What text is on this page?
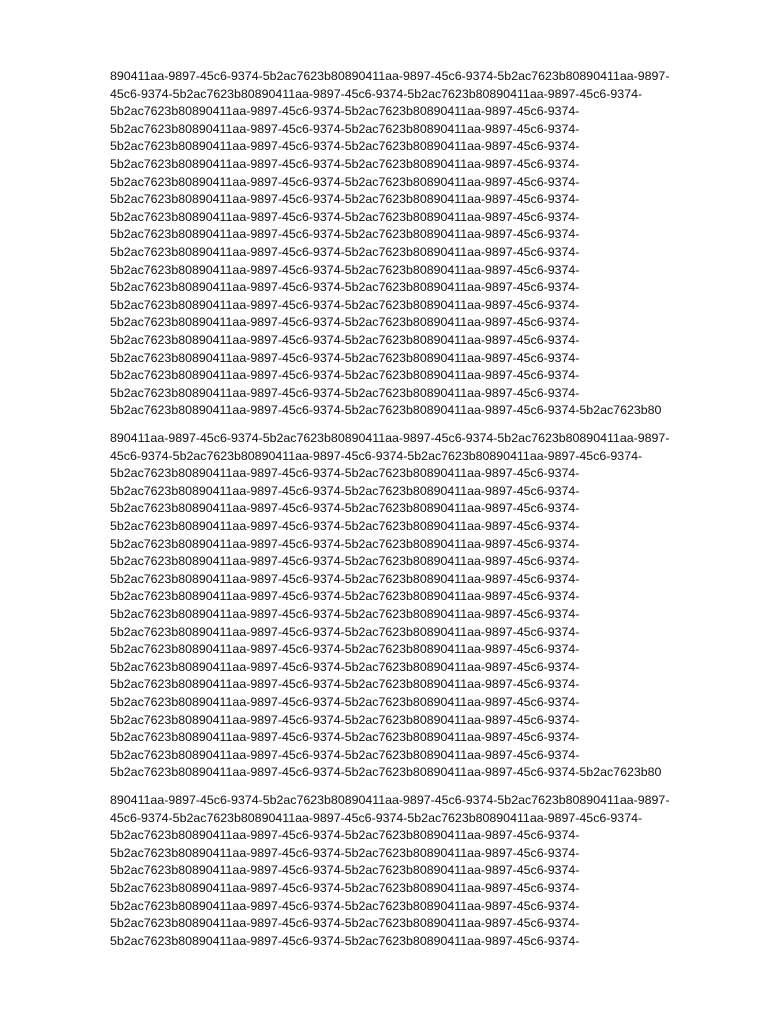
890411aa-9897-45c6-9374-5b2ac7623b80890411aa-9897-45c6-9374-5b2ac7623b80890411aa-9897-
45c6-9374-5b2ac7623b80890411aa-9897-45c6-9374-5b2ac7623b80890411aa-9897-45c6-9374-
5b2ac7623b80890411aa-9897-45c6-9374-5b2ac7623b80890411aa-9897-45c6-9374-
5b2ac7623b80890411aa-9897-45c6-9374-5b2ac7623b80890411aa-9897-45c6-9374-
5b2ac7623b80890411aa-9897-45c6-9374-5b2ac7623b80890411aa-9897-45c6-9374-
5b2ac7623b80890411aa-9897-45c6-9374-5b2ac7623b80890411aa-9897-45c6-9374-
5b2ac7623b80890411aa-9897-45c6-9374-5b2ac7623b80890411aa-9897-45c6-9374-
5b2ac7623b80890411aa-9897-45c6-9374-5b2ac7623b80890411aa-9897-45c6-9374-
5b2ac7623b80890411aa-9897-45c6-9374-5b2ac7623b80890411aa-9897-45c6-9374-
5b2ac7623b80890411aa-9897-45c6-9374-5b2ac7623b80890411aa-9897-45c6-9374-
5b2ac7623b80890411aa-9897-45c6-9374-5b2ac7623b80890411aa-9897-45c6-9374-
5b2ac7623b80890411aa-9897-45c6-9374-5b2ac7623b80890411aa-9897-45c6-9374-
5b2ac7623b80890411aa-9897-45c6-9374-5b2ac7623b80890411aa-9897-45c6-9374-
5b2ac7623b80890411aa-9897-45c6-9374-5b2ac7623b80890411aa-9897-45c6-9374-
5b2ac7623b80890411aa-9897-45c6-9374-5b2ac7623b80890411aa-9897-45c6-9374-
5b2ac7623b80890411aa-9897-45c6-9374-5b2ac7623b80890411aa-9897-45c6-9374-
5b2ac7623b80890411aa-9897-45c6-9374-5b2ac7623b80890411aa-9897-45c6-9374-
5b2ac7623b80890411aa-9897-45c6-9374-5b2ac7623b80890411aa-9897-45c6-9374-
5b2ac7623b80890411aa-9897-45c6-9374-5b2ac7623b80890411aa-9897-45c6-9374-
5b2ac7623b80890411aa-9897-45c6-9374-5b2ac7623b80890411aa-9897-45c6-9374-5b2ac7623b80

890411aa-9897-45c6-9374-5b2ac7623b80890411aa-9897-45c6-9374-5b2ac7623b80890411aa-9897-
45c6-9374-5b2ac7623b80890411aa-9897-45c6-9374-5b2ac7623b80890411aa-9897-45c6-9374-
5b2ac7623b80890411aa-9897-45c6-9374-5b2ac7623b80890411aa-9897-45c6-9374-
5b2ac7623b80890411aa-9897-45c6-9374-5b2ac7623b80890411aa-9897-45c6-9374-
5b2ac7623b80890411aa-9897-45c6-9374-5b2ac7623b80890411aa-9897-45c6-9374-
5b2ac7623b80890411aa-9897-45c6-9374-5b2ac7623b80890411aa-9897-45c6-9374-
5b2ac7623b80890411aa-9897-45c6-9374-5b2ac7623b80890411aa-9897-45c6-9374-
5b2ac7623b80890411aa-9897-45c6-9374-5b2ac7623b80890411aa-9897-45c6-9374-
5b2ac7623b80890411aa-9897-45c6-9374-5b2ac7623b80890411aa-9897-45c6-9374-
5b2ac7623b80890411aa-9897-45c6-9374-5b2ac7623b80890411aa-9897-45c6-9374-
5b2ac7623b80890411aa-9897-45c6-9374-5b2ac7623b80890411aa-9897-45c6-9374-
5b2ac7623b80890411aa-9897-45c6-9374-5b2ac7623b80890411aa-9897-45c6-9374-
5b2ac7623b80890411aa-9897-45c6-9374-5b2ac7623b80890411aa-9897-45c6-9374-
5b2ac7623b80890411aa-9897-45c6-9374-5b2ac7623b80890411aa-9897-45c6-9374-
5b2ac7623b80890411aa-9897-45c6-9374-5b2ac7623b80890411aa-9897-45c6-9374-
5b2ac7623b80890411aa-9897-45c6-9374-5b2ac7623b80890411aa-9897-45c6-9374-
5b2ac7623b80890411aa-9897-45c6-9374-5b2ac7623b80890411aa-9897-45c6-9374-
5b2ac7623b80890411aa-9897-45c6-9374-5b2ac7623b80890411aa-9897-45c6-9374-
5b2ac7623b80890411aa-9897-45c6-9374-5b2ac7623b80890411aa-9897-45c6-9374-
5b2ac7623b80890411aa-9897-45c6-9374-5b2ac7623b80890411aa-9897-45c6-9374-5b2ac7623b80

890411aa-9897-45c6-9374-5b2ac7623b80890411aa-9897-45c6-9374-5b2ac7623b80890411aa-9897-
45c6-9374-5b2ac7623b80890411aa-9897-45c6-9374-5b2ac7623b80890411aa-9897-45c6-9374-
5b2ac7623b80890411aa-9897-45c6-9374-5b2ac7623b80890411aa-9897-45c6-9374-
5b2ac7623b80890411aa-9897-45c6-9374-5b2ac7623b80890411aa-9897-45c6-9374-
5b2ac7623b80890411aa-9897-45c6-9374-5b2ac7623b80890411aa-9897-45c6-9374-
5b2ac7623b80890411aa-9897-45c6-9374-5b2ac7623b80890411aa-9897-45c6-9374-
5b2ac7623b80890411aa-9897-45c6-9374-5b2ac7623b80890411aa-9897-45c6-9374-
5b2ac7623b80890411aa-9897-45c6-9374-5b2ac7623b80890411aa-9897-45c6-9374-
5b2ac7623b80890411aa-9897-45c6-9374-5b2ac7623b80890411aa-9897-45c6-9374-
